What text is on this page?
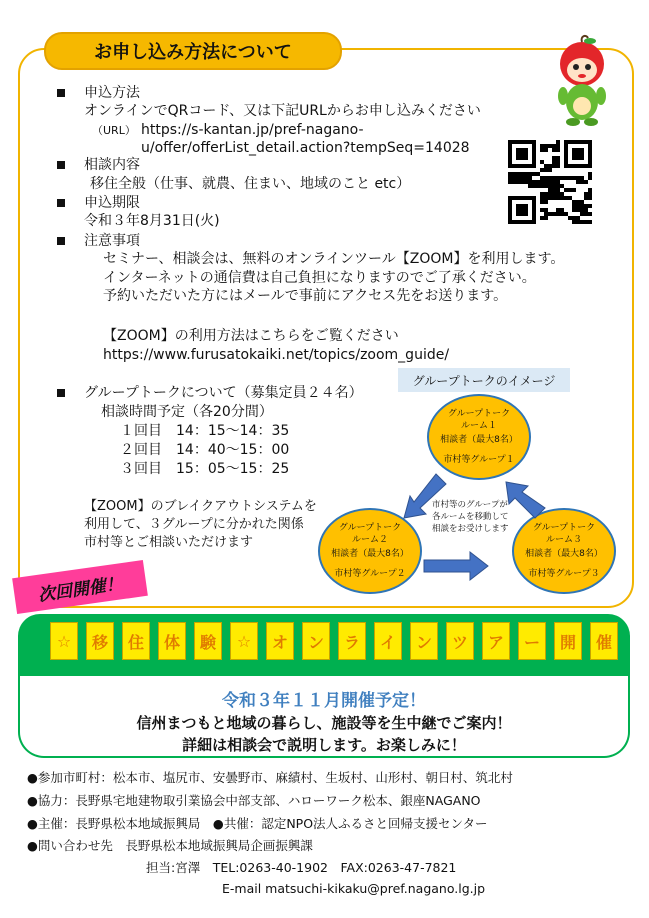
お申し込み方法について
申込方法
オンラインでQRコード、又は下記URLからお申し込みください
（URL） https://s-kantan.jp/pref-nagano-
u/offer/offerList_detail.action?tempSeq=14028
相談内容
移住全般（仕事、就農、住まい、地域のこと etc）
申込期限
令和３年8月31日(火)
注意事項
セミナー、相談会は、無料のオンラインツール【ZOOM】を利用します。
インターネットの通信費は自己負担になりますのでご了承ください。
予約いただいた方にはメールで事前にアクセス先をお送ります。
【ZOOM】の利用方法はこちらをご覧ください
https://www.furusatokaiki.net/topics/zoom_guide/
グループトークについて（募集定員２４名）
相談時間予定（各20分間）
１回目　14：15〜14：35
２回目　14：40〜15：00
３回目　15：05〜15：25
【ZOOM】のブレイクアウトシステムを
利用して、３グループに分かれた関係
市村等とご相談いただけます
グループトークのイメージ
グループトーク
ルーム１
相談者（最大8名）
市村等グループ１
グループトーク
ルーム２
相談者（最大8名）
市村等グループ２
グループトーク
ルーム３
相談者（最大8名）
市村等グループ３
市村等のグループが
各ルームを移動して
相談をお受けします
次回開催！
☆	移	住	体	験	☆	オ	ン	ラ	イ	ン	ツ	ア	ー	開	催
令和３年１１月開催予定！
信州まつもと地域の暮らし、施設等を生中継でご案内！
詳細は相談会で説明します。お楽しみに！
●参加市町村：松本市、塩尻市、安曇野市、麻績村、生坂村、山形村、朝日村、筑北村
●協力：長野県宅地建物取引業協会中部支部、ハローワーク松本、銀座NAGANO
●主催：長野県松本地域振興局　●共催：認定NPO法人ふるさと回帰支援センター
●問い合わせ先　長野県松本地域振興局企画振興課
担当:宮澤　TEL:0263-40-1902　FAX:0263-47-7821
E-mail matsuchi-kikaku@pref.nagano.lg.jp
